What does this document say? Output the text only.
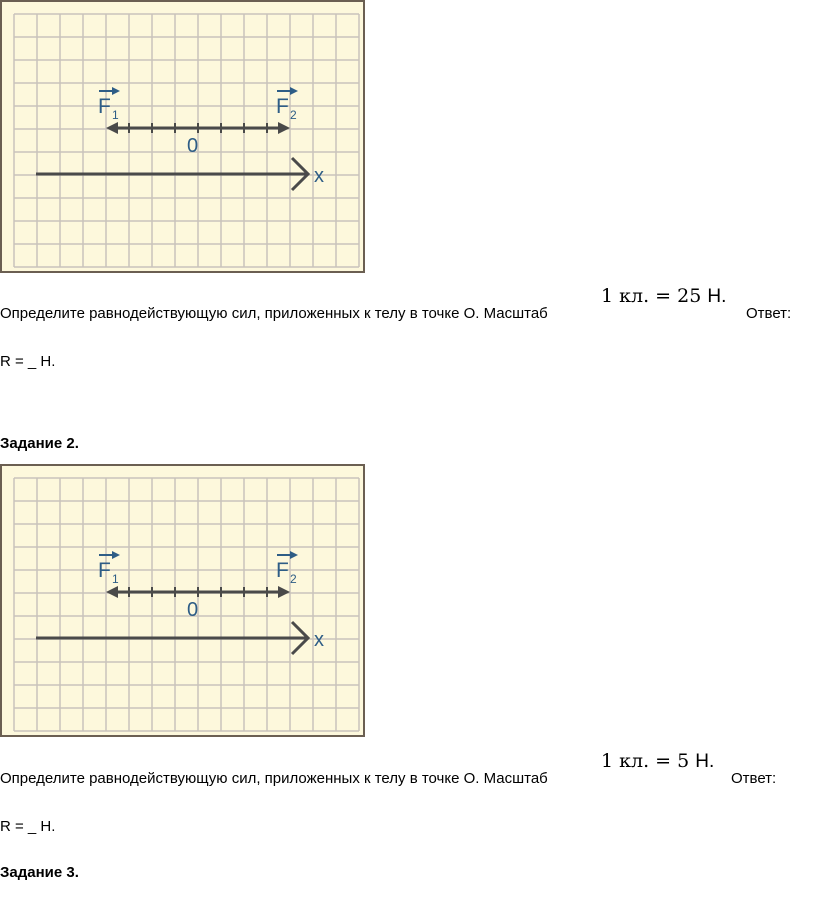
x
0
F 1	F 2
Определите равнодействующую сил, приложенных к телу в точке О. Масштаб
1 кл. = 25 Н.
Ответ:
R = _ Н.
Задание 2.
x
0
F 1	F 2
Определите равнодействующую сил, приложенных к телу в точке О. Масштаб
1 кл. = 5 Н.
Ответ:
R = _ Н.
Задание 3.
